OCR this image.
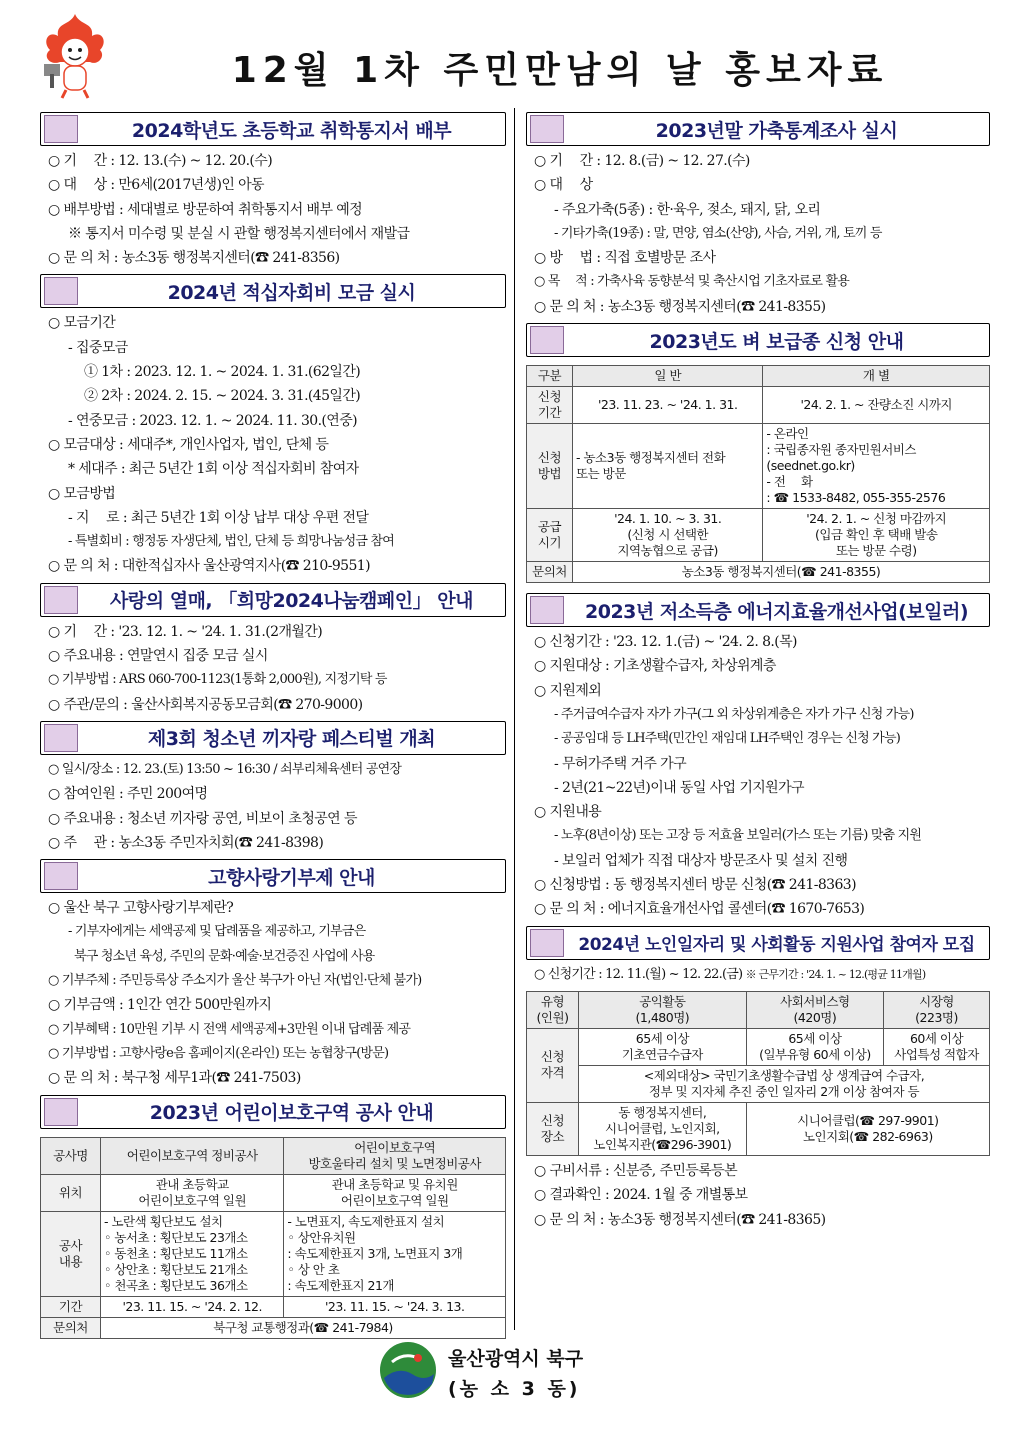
12월 1차 주민만남의 날 홍보자료
2024학년도 초등학교 취학통지서 배부
○ 기　 간 : 12. 13.(수) ~ 12. 20.(수)
○ 대　 상 : 만6세(2017년생)인 아동
○ 배부방법 : 세대별로 방문하여 취학통지서 배부 예정
※ 통지서 미수령 및 분실 시 관할 행정복지센터에서 재발급
○ 문 의 처 : 농소3동 행정복지센터(☎ 241-8356)
2024년 적십자회비 모금 실시
○ 모금기간
- 집중모금
① 1차 : 2023. 12. 1. ~ 2024. 1. 31.(62일간)
② 2차 : 2024. 2. 15. ~ 2024. 3. 31.(45일간)
- 연중모금 : 2023. 12. 1. ~ 2024. 11. 30.(연중)
○ 모금대상 : 세대주*, 개인사업자, 법인, 단체 등
* 세대주 : 최근 5년간 1회 이상 적십자회비 참여자
○ 모금방법
- 지　 로 : 최근 5년간 1회 이상 납부 대상 우편 전달
- 특별회비 : 행정동 자생단체, 법인, 단체 등 희망나눔성금 참여
○ 문 의 처 : 대한적십자사 울산광역지사(☎ 210-9551)
사랑의 열매, 「희망2024나눔캠페인」 안내
○ 기　 간 : '23. 12. 1. ~ '24. 1. 31.(2개월간)
○ 주요내용 : 연말연시 집중 모금 실시
○ 기부방법 : ARS 060-700-1123(1통화 2,000원), 지정기탁 등
○ 주관/문의 : 울산사회복지공동모금회(☎ 270-9000)
제3회 청소년 끼자랑 페스티벌 개최
○ 일시/장소 : 12. 23.(토) 13:50 ~ 16:30 / 쇠부리체육센터 공연장
○ 참여인원 : 주민 200여명
○ 주요내용 : 청소년 끼자랑 공연, 비보이 초청공연 등
○ 주　 관 : 농소3동 주민자치회(☎ 241-8398)
고향사랑기부제 안내
○ 울산 북구 고향사랑기부제란?
- 기부자에게는 세액공제 및 답례품을 제공하고, 기부금은
북구 청소년 육성, 주민의 문화·예술·보건증진 사업에 사용
○ 기부주체 : 주민등록상 주소지가 울산 북구가 아닌 자(법인·단체 불가)
○ 기부금액 : 1인간 연간 500만원까지
○ 기부혜택 : 10만원 기부 시 전액 세액공제+3만원 이내 답례품 제공
○ 기부방법 : 고향사랑e음 홈페이지(온라인) 또는 농협창구(방문)
○ 문 의 처 : 북구청 세무1과(☎ 241-7503)
2023년 어린이보호구역 공사 안내
공사명	어린이보호구역 정비공사	어린이보호구역
방호울타리 설치 및 노면정비공사
위치	관내 초등학교
어린이보호구역 일원	관내 초등학교 및 유치원
어린이보호구역 일원
공사
내용	- 노란색 횡단보도 설치
◦ 농서초 : 횡단보도 23개소
◦ 동천초 : 횡단보도 11개소
◦ 상안초 : 횡단보도 21개소
◦ 천곡초 : 횡단보도 36개소	- 노면표지, 속도제한표지 설치
◦ 상안유치원
: 속도제한표지 3개, 노면표지 3개
◦ 상 안 초
: 속도제한표지 21개
기간	'23. 11. 15. ~ '24. 2. 12.	'23. 11. 15. ~ '24. 3. 13.
문의처	북구청 교통행정과(☎ 241-7984)	
2023년말 가축통계조사 실시
○ 기　 간 : 12. 8.(금) ~ 12. 27.(수)
○ 대　 상
- 주요가축(5종) : 한·육우, 젖소, 돼지, 닭, 오리
- 기타가축(19종) : 말, 면양, 염소(산양), 사슴, 거위, 개, 토끼 등
○ 방　 법 : 직접 호별방문 조사
○ 목　 적 : 가축사육 동향분석 및 축산시업 기초자료로 활용
○ 문 의 처 : 농소3동 행정복지센터(☎ 241-8355)
2023년도 벼 보급종 신청 안내
구분	일 반	개 별
신청
기간	'23. 11. 23. ~ '24. 1. 31.	'24. 2. 1. ~ 잔량소진 시까지
신청
방법	- 농소3동 행정복지센터 전화
또는 방문	- 온라인
: 국립종자원 종자민원서비스
(seednet.go.kr)
- 전　 화
: ☎ 1533-8482, 055-355-2576
공급
시기	'24. 1. 10. ~ 3. 31.
(신청 시 선택한
지역농협으로 공급)	'24. 2. 1. ~ 신청 마감까지
(입금 확인 후 택배 발송
또는 방문 수령)
문의처	농소3동 행정복지센터(☎ 241-8355)	
2023년 저소득층 에너지효율개선사업(보일러)
○ 신청기간 : '23. 12. 1.(금) ~ '24. 2. 8.(목)
○ 지원대상 : 기초생활수급자, 차상위계층
○ 지원제외
- 주거급여수급자 자가 가구(그 외 차상위계층은 자가 가구 신청 가능)
- 공공임대 등 LH주택(민간인 재임대 LH주택인 경우는 신청 가능)
- 무허가주택 거주 가구
- 2년(21~22년)이내 동일 사업 기지원가구
○ 지원내용
- 노후(8년이상) 또는 고장 등 저효율 보일러(가스 또는 기름) 맞춤 지원
- 보일러 업체가 직접 대상자 방문조사 및 설치 진행
○ 신청방법 : 동 행정복지센터 방문 신청(☎ 241-8363)
○ 문 의 처 : 에너지효율개선사업 콜센터(☎ 1670-7653)
2024년 노인일자리 및 사회활동 지원사업 참여자 모집
○ 신청기간 : 12. 11.(월) ~ 12. 22.(금) ※ 근무기간 : '24. 1. ~ 12.(평균 11개월)
유형
(인원)	공익활동
(1,480명)	사회서비스형
(420명)	시장형
(223명)
신청
자격	65세 이상
기초연금수급자	65세 이상
(일부유형 60세 이상)	60세 이상
사업특성 적합자
	<제외대상> 국민기초생활수급법 상 생계급여 수급자,
정부 및 지자체 추진 중인 일자리 2개 이상 참여자 등		
신청
장소	동 행정복지센터,
시니어클럽, 노인지회,
노인복지관(☎296-3901)	시니어클럽(☎ 297-9901)
노인지회(☎ 282-6963)	
○ 구비서류 : 신분증, 주민등록등본
○ 결과확인 : 2024. 1월 중 개별통보
○ 문 의 처 : 농소3동 행정복지센터(☎ 241-8365)
울산광역시 북구
(농 소 3 동)
